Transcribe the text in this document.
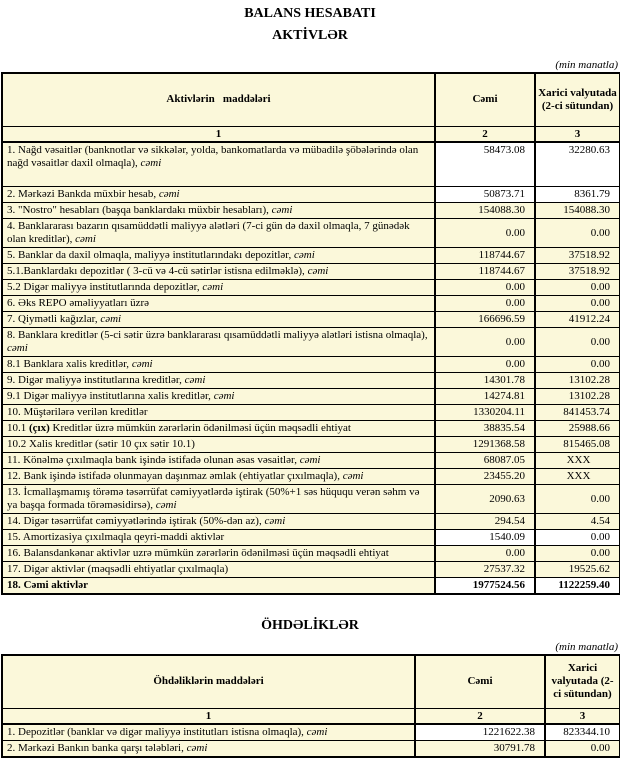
BALANS HESABATI
AKTİVLƏR
(min manatla)
Aktivlərin   maddələri	Cəmi	Xarici valyutada (2-ci sütundan)
1	2	3
1. Nağd vəsaitlər (banknotlar və sikkələr, yolda, bankomatlarda və mübadilə şöbələrində olan nağd vəsaitlər daxil olmaqla), cəmi	58473.08	32280.63
2. Mərkəzi Bankda müxbir hesab, cəmi	50873.71	8361.79
3. "Nostro" hesabları (başqa banklardakı müxbir hesabları), cəmi	154088.30	154088.30
4. Banklararası bazarın qısamüddətli maliyyə alətləri (7-ci gün də daxil olmaqla, 7 günədək olan kreditlər), cəmi	0.00	0.00
5. Banklar da daxil olmaqla, maliyyə institutlarındakı depozitlər, cəmi	118744.67	37518.92
5.1.Banklardakı depozitlər ( 3-cü və 4-cü sətirlər istisna edilməklə), cəmi	118744.67	37518.92
5.2 Digər maliyyə institutlarında depozitlər, cəmi	0.00	0.00
6. Əks REPO əməliyyatları üzrə	0.00	0.00
7. Qiymətli kağızlar, cəmi	166696.59	41912.24
8. Banklara kreditlər (5-ci sətir üzrə banklararası qısamüddətli maliyyə alətləri istisna olmaqla), cəmi	0.00	0.00
8.1 Banklara xalis kreditlər, cəmi	0.00	0.00
9. Digər maliyyə institutlarına kreditlər, cəmi	14301.78	13102.28
9.1 Digər maliyyə institutlarına xalis kreditlər, cəmi	14274.81	13102.28
10. Müştərilərə verilən kreditlər	1330204.11	841453.74
10.1 (çıx) Kreditlər üzrə mümkün zərərlərin ödənilməsi üçün məqsədli ehtiyat	38835.54	25988.66
10.2 Xalis kreditlər (sətir 10 çıx sətir 10.1)	1291368.58	815465.08
11. Könəlmə çıxılmaqla bank işində istifadə olunan əsas vəsaitlər, cəmi	68087.05	XXX
12. Bank işində istifadə olunmayan daşınmaz əmlak (ehtiyatlar çıxılmaqla), cəmi	23455.20	XXX
13. İcmallaşmamış törəmə təsərrüfat cəmiyyətlərdə iştirak (50%+1 səs hüququ verən səhm və ya başqa formada törəməsidirsə), cəmi	2090.63	0.00
14. Digər təsərrüfat cəmiyyətlərində iştirak (50%-dən az), cəmi	294.54	4.54
15. Amortizasiya çıxılmaqla qeyri-maddi aktivlər	1540.09	0.00
16. Balansdankənar aktivlər uzrə mümkün zərərlərin ödənilməsi üçün məqsədli ehtiyat	0.00	0.00
17. Digər aktivlər (məqsədli ehtiyatlar çıxılmaqla)	27537.32	19525.62
18. Cəmi aktivlər	1977524.56	1122259.40
ÖHDƏLİKLƏR
(min manatla)
Öhdəliklərin maddələri	Cəmi	Xarici valyutada (2-ci sütundan)
1	2	3
1. Depozitlər (banklar və digər maliyyə institutları istisna olmaqla), cəmi	1221622.38	823344.10
2. Mərkəzi Bankın banka qarşı tələbləri, cəmi	30791.78	0.00
